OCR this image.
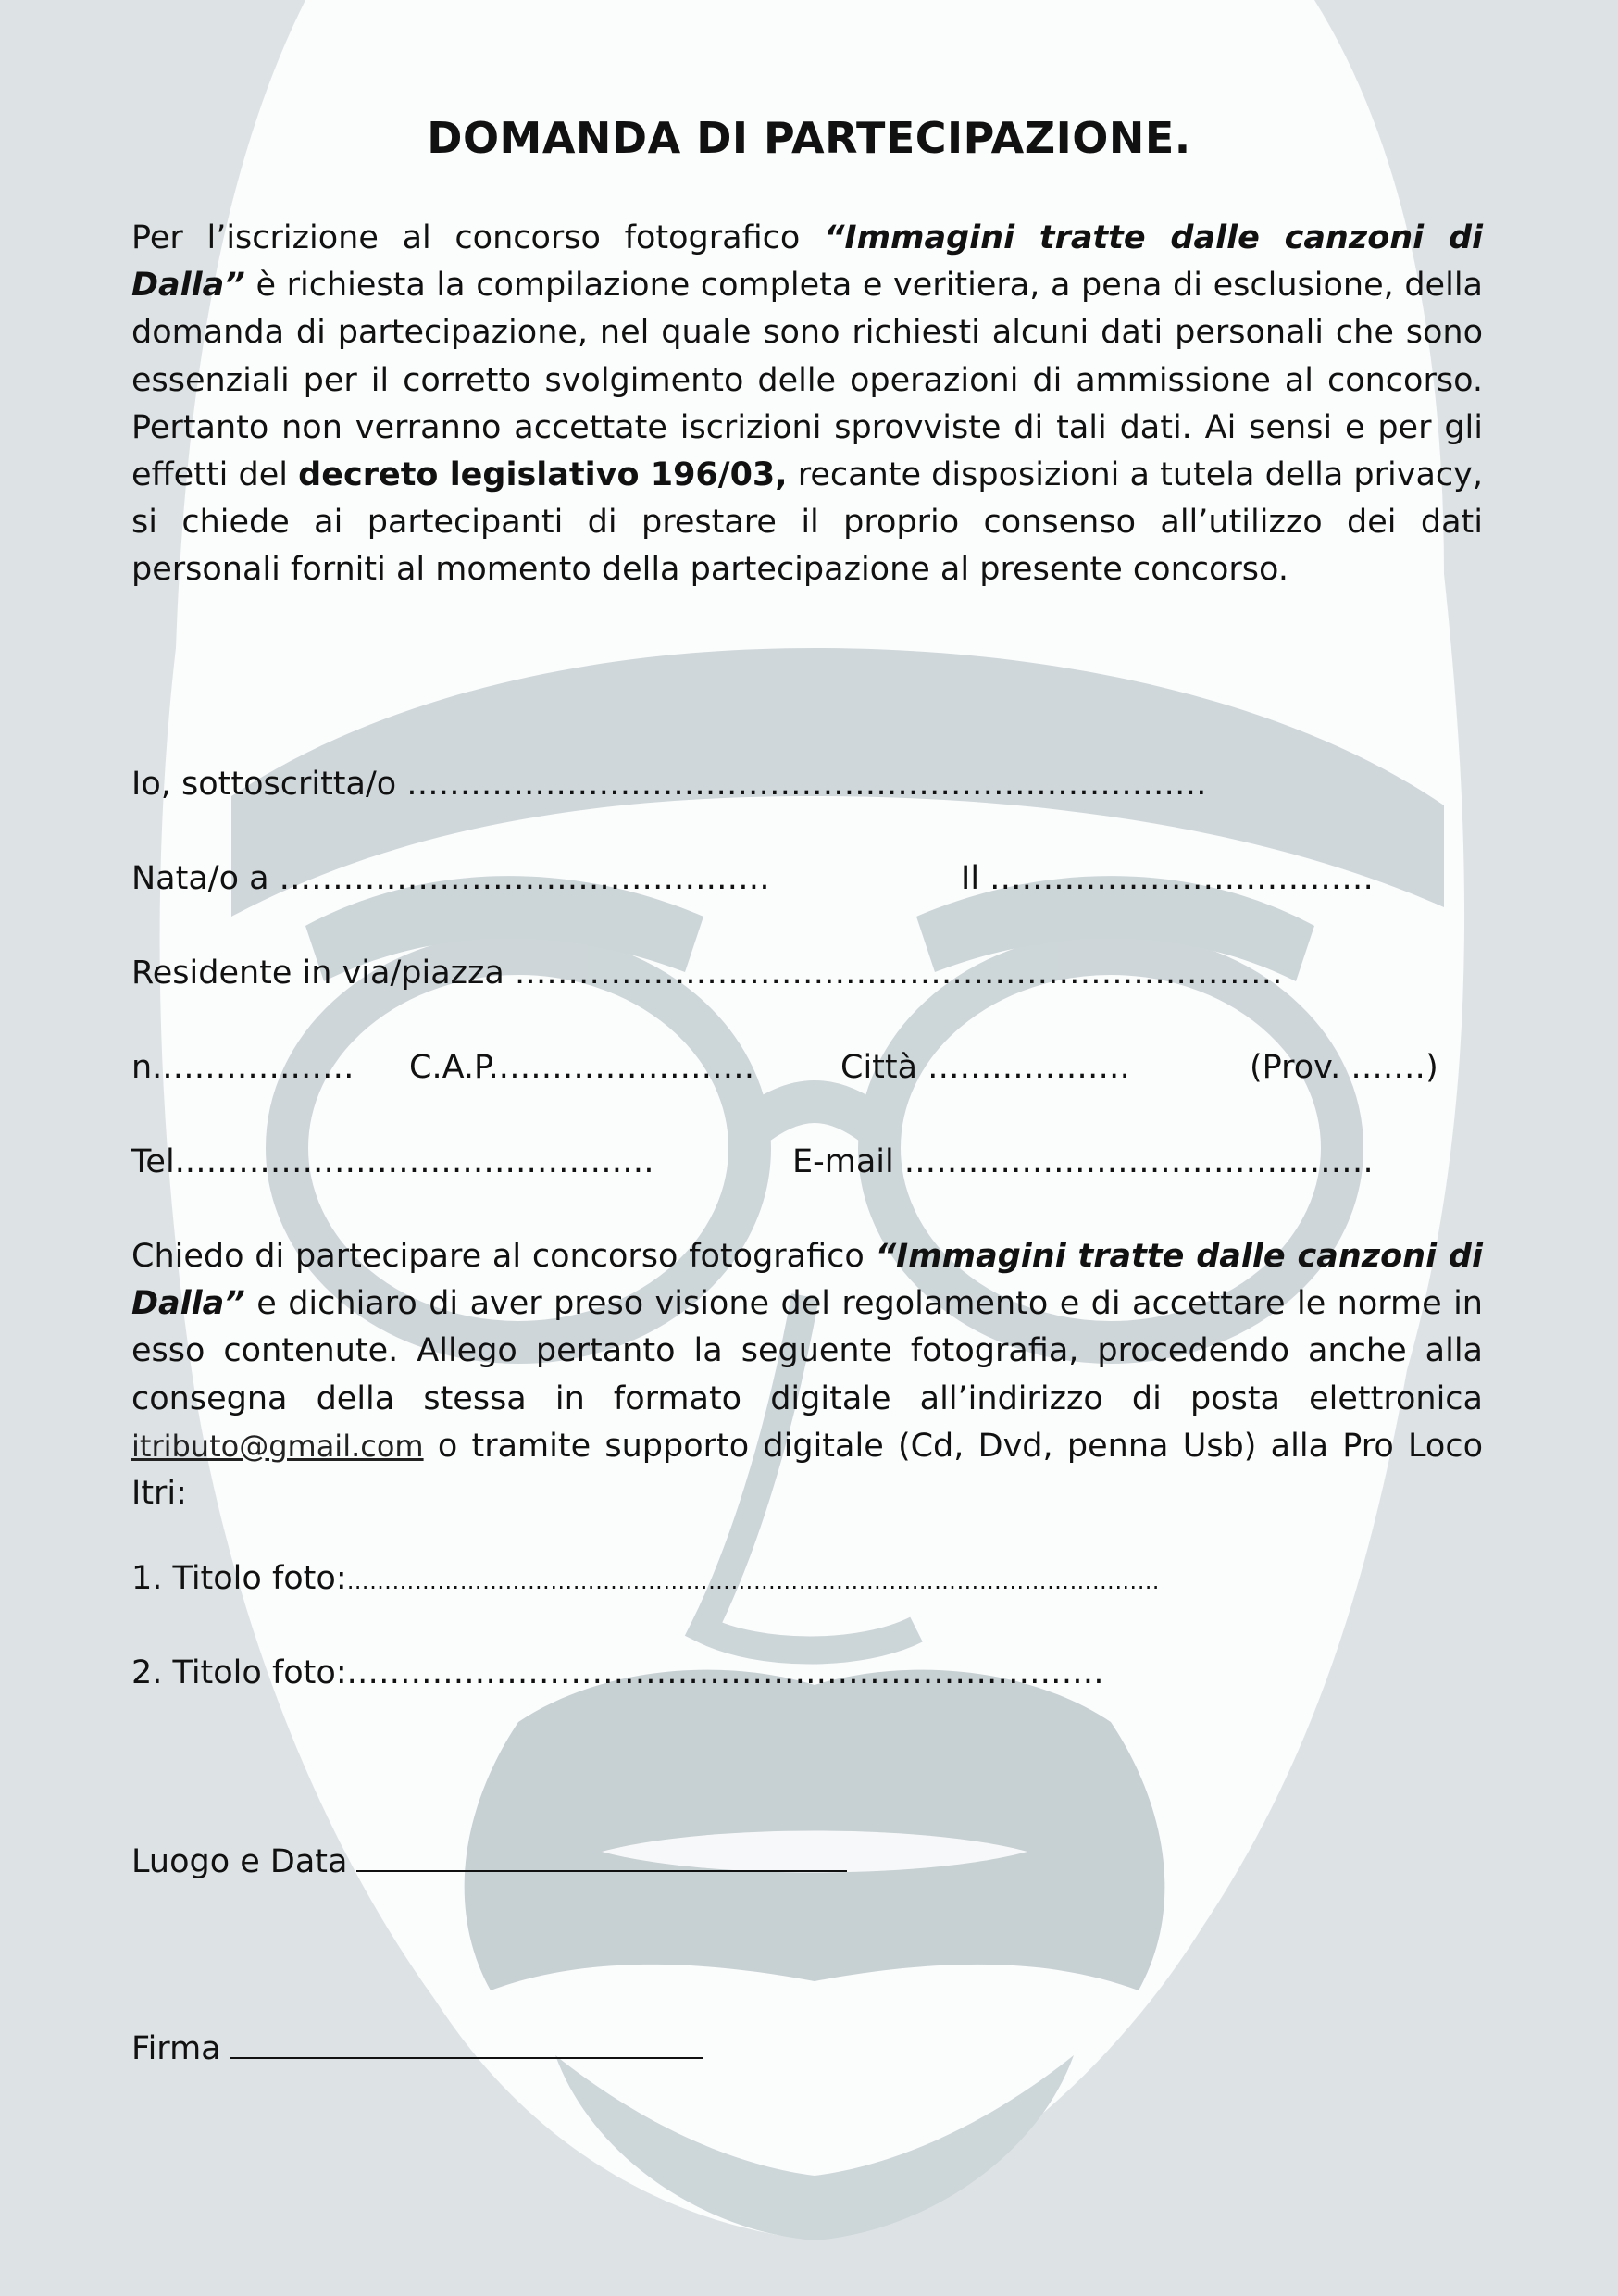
DOMANDA DI PARTECIPAZIONE.

Per l’iscrizione al concorso fotografico “Immagini tratte dalle canzoni di Dalla” è richiesta la compilazione completa e veritiera, a pena di esclusione, della domanda di partecipazione, nel quale sono richiesti alcuni dati personali che sono essenziali per il corretto svolgimento delle operazioni di ammissione al concorso. Pertanto non verranno accettate iscrizioni sprovviste di tali dati. Ai sensi e per gli effetti del decreto legislativo 196/03, recante disposizioni a tutela della privacy, si chiede ai partecipanti di prestare il proprio consenso all’utilizzo dei dati personali forniti al momento della partecipazione al presente concorso.

Io, sottoscritta/o ...........................................................................
Nata/o a ..............................................	Il ....................................
Residente in via/piazza ........................................................................
n................... C.A.P.........................	Città ...................	(Prov. .......)
Tel.............................................	E-mail ............................................

Chiedo di partecipare al concorso fotografico “Immagini tratte dalle canzoni di Dalla” e dichiaro di aver preso visione del regolamento e di accettare le norme in esso contenute. Allego pertanto la seguente fotografia, procedendo anche alla consegna della stessa in formato digitale all’indirizzo di posta elettronica itributo@gmail.com o tramite supporto digitale (Cd, Dvd, penna Usb) alla Pro Loco Itri:

1. Titolo foto:………………………………………………………………………………………………
2. Titolo foto:.......................................................................
Luogo e Data
Firma
